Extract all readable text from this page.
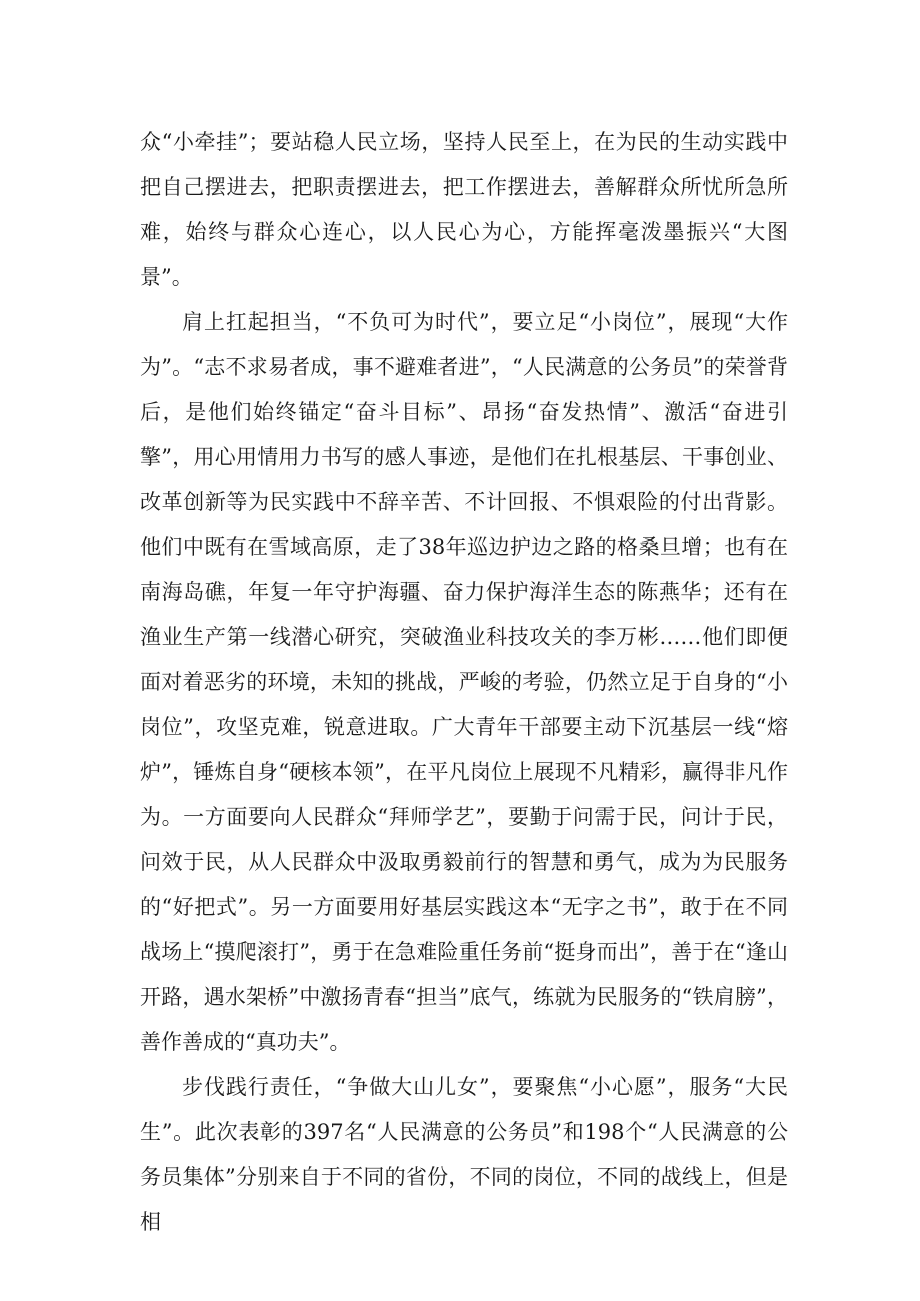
众“小牵挂”；要站稳人民立场，坚持人民至上，在为民的生动实践中把自己摆进去，把职责摆进去，把工作摆进去，善解群众所忧所急所难，始终与群众心连心，以人民心为心，方能挥毫泼墨振兴“大图景”。

肩上扛起担当，“不负可为时代”，要立足“小岗位”，展现“大作为”。“志不求易者成，事不避难者进”，“人民满意的公务员”的荣誉背后，是他们始终锚定“奋斗目标”、昂扬“奋发热情”、激活“奋进引擎”，用心用情用力书写的感人事迹，是他们在扎根基层、干事创业、改革创新等为民实践中不辞辛苦、不计回报、不惧艰险的付出背影。他们中既有在雪域高原，走了38年巡边护边之路的格桑旦增；也有在南海岛礁，年复一年守护海疆、奋力保护海洋生态的陈燕华；还有在渔业生产第一线潜心研究，突破渔业科技攻关的李万彬……他们即便面对着恶劣的环境，未知的挑战，严峻的考验，仍然立足于自身的“小岗位”，攻坚克难，锐意进取。广大青年干部要主动下沉基层一线“熔炉”，锤炼自身“硬核本领”，在平凡岗位上展现不凡精彩，赢得非凡作为。一方面要向人民群众“拜师学艺”，要勤于问需于民，问计于民，问效于民，从人民群众中汲取勇毅前行的智慧和勇气，成为为民服务的“好把式”。另一方面要用好基层实践这本“无字之书”，敢于在不同战场上“摸爬滚打”，勇于在急难险重任务前“挺身而出”，善于在“逢山开路，遇水架桥”中激扬青春“担当”底气，练就为民服务的“铁肩膀”，善作善成的“真功夫”。

步伐践行责任，“争做大山儿女”，要聚焦“小心愿”，服务“大民生”。此次表彰的397名“人民满意的公务员”和198个“人民满意的公务员集体”分别来自于不同的省份，不同的岗位，不同的战线上，但是相
